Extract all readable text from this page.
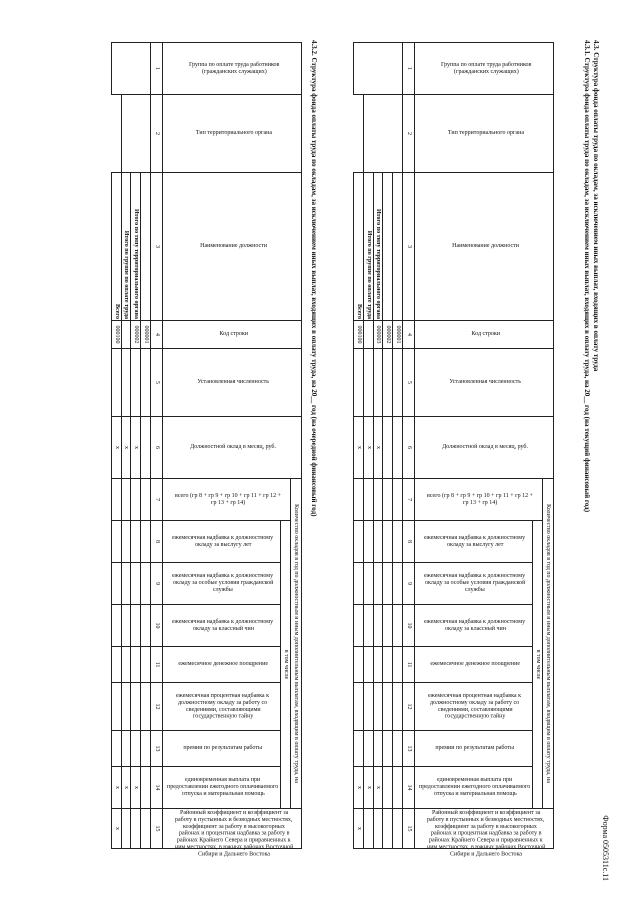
Форма 0505311с.11
4.3. Структура фонда оплаты труда по окладам, за исключением иных выплат, входящих в оплату труда
4.3.1. Структура фонда оплаты труда по окладам, за исключением иных выплат, входящих в оплату труда, на 20__ год (на текущий финансовый год)
Группа по оплате труда работников (гражданских служащих)	Тип территориального органа	Наименование должности	Код строки	Установленная численность	Должностной оклад в месяц, руб.	Количество окладов в год по должностным и иным дополнительным выплатам, входящим в оплату труда, на								Районный коэффициент и коэффициент за работу в пустынных и безводных местностях, коэффициент за работу в высокогорных районах и процентная надбавка за работу в районах Крайнего Севера и приравненных к ним местностях, в южных районах Восточной Сибири и Дальнего Востока
						всего (гр 8 + гр 9 + гр 10 + гр 11 + гр 12 + гр 13 + гр 14)	в том числе							
							ежемесячная надбавка к должностному окладу за выслугу лет	ежемесячная надбавка к должностному окладу за особые условия гражданской службы	ежемесячная надбавка к должностному окладу за классный чин	ежемесячное денежное поощрение	ежемесячная процентная надбавка к должностному окладу за работу со сведениями, составляющими государственную тайну	премии по результатам работы	единовременная выплата при предоставлении ежегодного оплачиваемого отпуска и материальная помощь	
1	2	3	4	5	6	7	8	9	10	11	12	13	14	15
			000001											
			000002											
		Итого по типу территориального органа	000003		x								x	
		Итого по группе по оплате труда			x								x	
		Всего	000100		x								x	x
4.3.2. Структура фонда оплаты труда по окладам, за исключением иных выплат, входящих в оплату труда, на 20__ год (на очередной финансовый год)
Группа по оплате труда работников (гражданских служащих)	Тип территориального органа	Наименование должности	Код строки	Установленная численность	Должностной оклад в месяц, руб.	Количество окладов в год по должностным и иным дополнительным выплатам, входящим в оплату труда, на								Районный коэффициент и коэффициент за работу в пустынных и безводных местностях, коэффициент за работу в высокогорных районах и процентная надбавка за работу в районах Крайнего Севера и приравненных к ним местностях, в южных районах Восточной Сибири и Дальнего Востока
						всего (гр 8 + гр 9 + гр 10 + гр 11 + гр 12 + гр 13 + гр 14)	в том числе							
							ежемесячная надбавка к должностному окладу за выслугу лет	ежемесячная надбавка к должностному окладу за особые условия гражданской службы	ежемесячная надбавка к должностному окладу за классный чин	ежемесячное денежное поощрение	ежемесячная процентная надбавка к должностному окладу за работу со сведениями, составляющими государственную тайну	премии по результатам работы	единовременная выплата при предоставлении ежегодного оплачиваемого отпуска и материальная помощь	
1	2	3	4	5	6	7	8	9	10	11	12	13	14	15
			000001											
		Итого по типу территориального органа	000002		x								x	
		Итого по группе по оплате труда			x								x	
		Всего	000100		x								x	x
